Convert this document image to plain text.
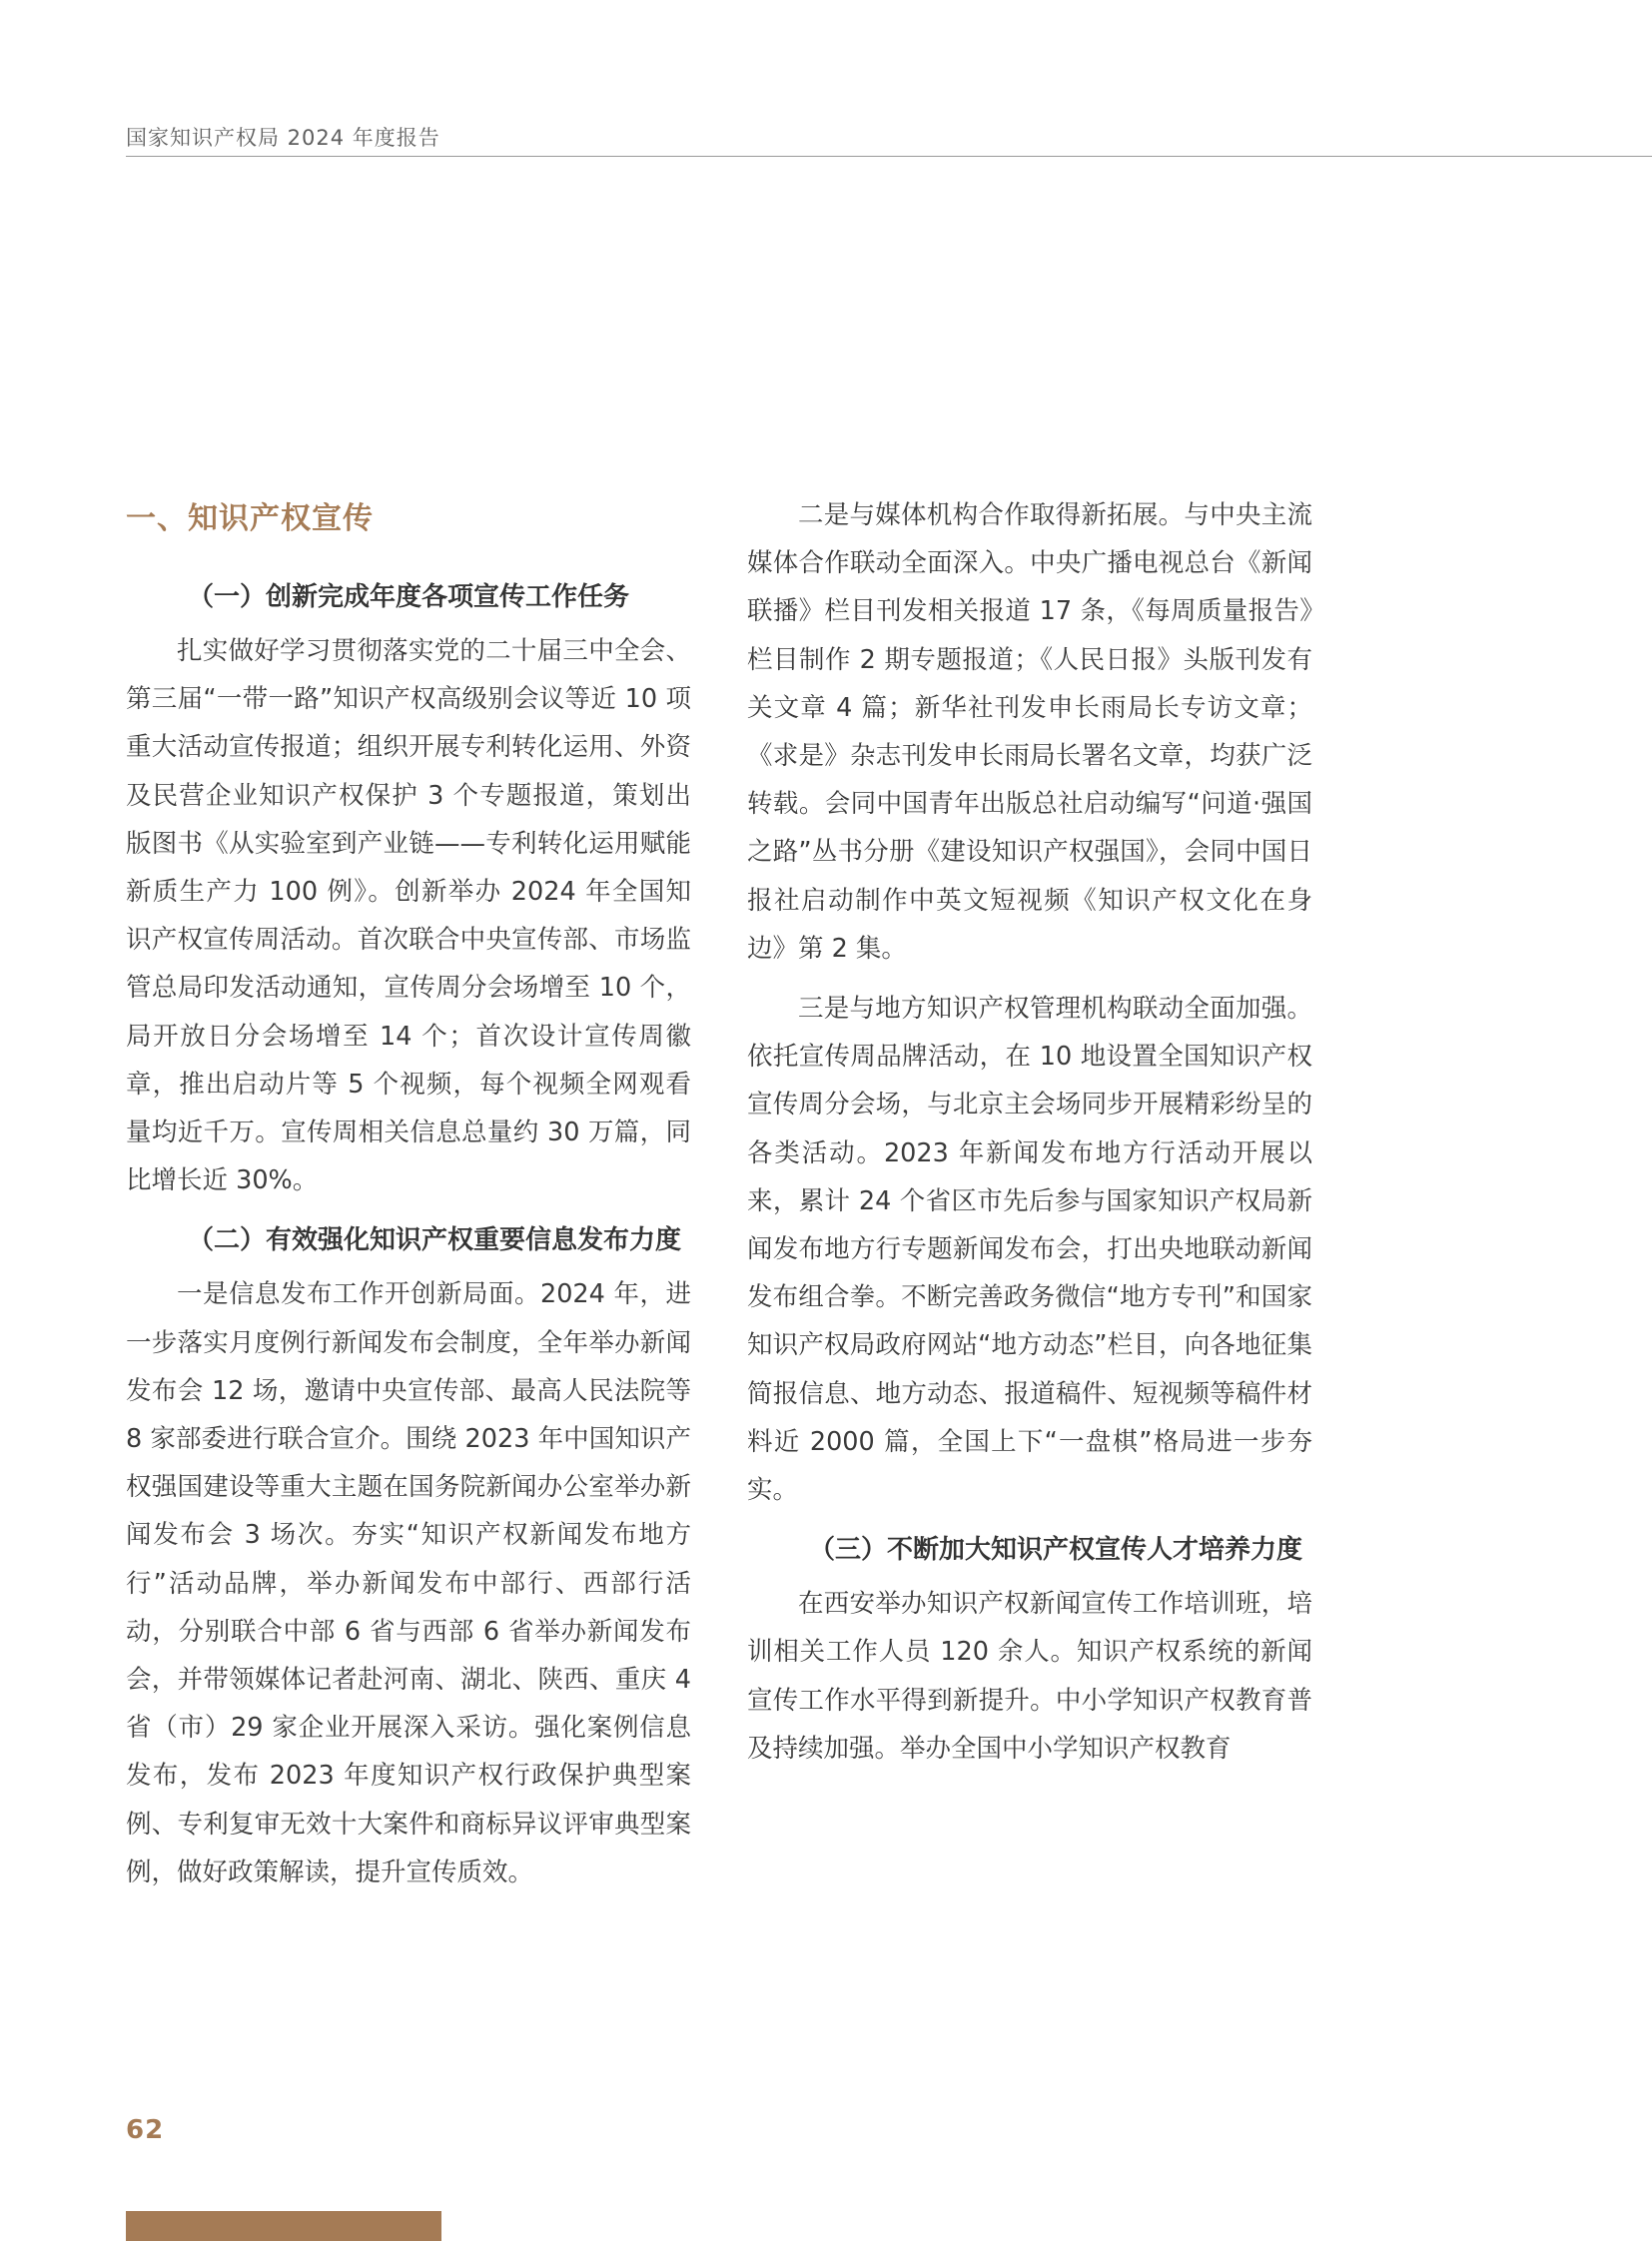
国家知识产权局 2024 年度报告
一、知识产权宣传
（一）创新完成年度各项宣传工作任务

扎实做好学习贯彻落实党的二十届三中全会、第三届“一带一路”知识产权高级别会议等近 10 项重大活动宣传报道；组织开展专利转化运用、外资及民营企业知识产权保护 3 个专题报道，策划出版图书《从实验室到产业链——专利转化运用赋能新质生产力 100 例》。创新举办 2024 年全国知识产权宣传周活动。首次联合中央宣传部、市场监管总局印发活动通知，宣传周分会场增至 10 个，局开放日分会场增至 14 个；首次设计宣传周徽章，推出启动片等 5 个视频，每个视频全网观看量均近千万。宣传周相关信息总量约 30 万篇，同比增长近 30%。

（二）有效强化知识产权重要信息发布力度

一是信息发布工作开创新局面。2024 年，进一步落实月度例行新闻发布会制度，全年举办新闻发布会 12 场，邀请中央宣传部、最高人民法院等 8 家部委进行联合宣介。围绕 2023 年中国知识产权强国建设等重大主题在国务院新闻办公室举办新闻发布会 3 场次。夯实“知识产权新闻发布地方行”活动品牌，举办新闻发布中部行、西部行活动，分别联合中部 6 省与西部 6 省举办新闻发布会，并带领媒体记者赴河南、湖北、陕西、重庆 4 省（市）29 家企业开展深入采访。强化案例信息发布，发布 2023 年度知识产权行政保护典型案例、专利复审无效十大案件和商标异议评审典型案例，做好政策解读，提升宣传质效。

二是与媒体机构合作取得新拓展。与中央主流媒体合作联动全面深入。中央广播电视总台《新闻联播》栏目刊发相关报道 17 条，《每周质量报告》栏目制作 2 期专题报道；《人民日报》头版刊发有关文章 4 篇；新华社刊发申长雨局长专访文章；《求是》杂志刊发申长雨局长署名文章，均获广泛转载。会同中国青年出版总社启动编写“问道·强国之路”丛书分册《建设知识产权强国》，会同中国日报社启动制作中英文短视频《知识产权文化在身边》第 2 集。

三是与地方知识产权管理机构联动全面加强。依托宣传周品牌活动，在 10 地设置全国知识产权宣传周分会场，与北京主会场同步开展精彩纷呈的各类活动。2023 年新闻发布地方行活动开展以来，累计 24 个省区市先后参与国家知识产权局新闻发布地方行专题新闻发布会，打出央地联动新闻发布组合拳。不断完善政务微信“地方专刊”和国家知识产权局政府网站“地方动态”栏目，向各地征集简报信息、地方动态、报道稿件、短视频等稿件材料近 2000 篇，全国上下“一盘棋”格局进一步夯实。

（三）不断加大知识产权宣传人才培养力度

在西安举办知识产权新闻宣传工作培训班，培训相关工作人员 120 余人。知识产权系统的新闻宣传工作水平得到新提升。中小学知识产权教育普及持续加强。举办全国中小学知识产权教育

62
